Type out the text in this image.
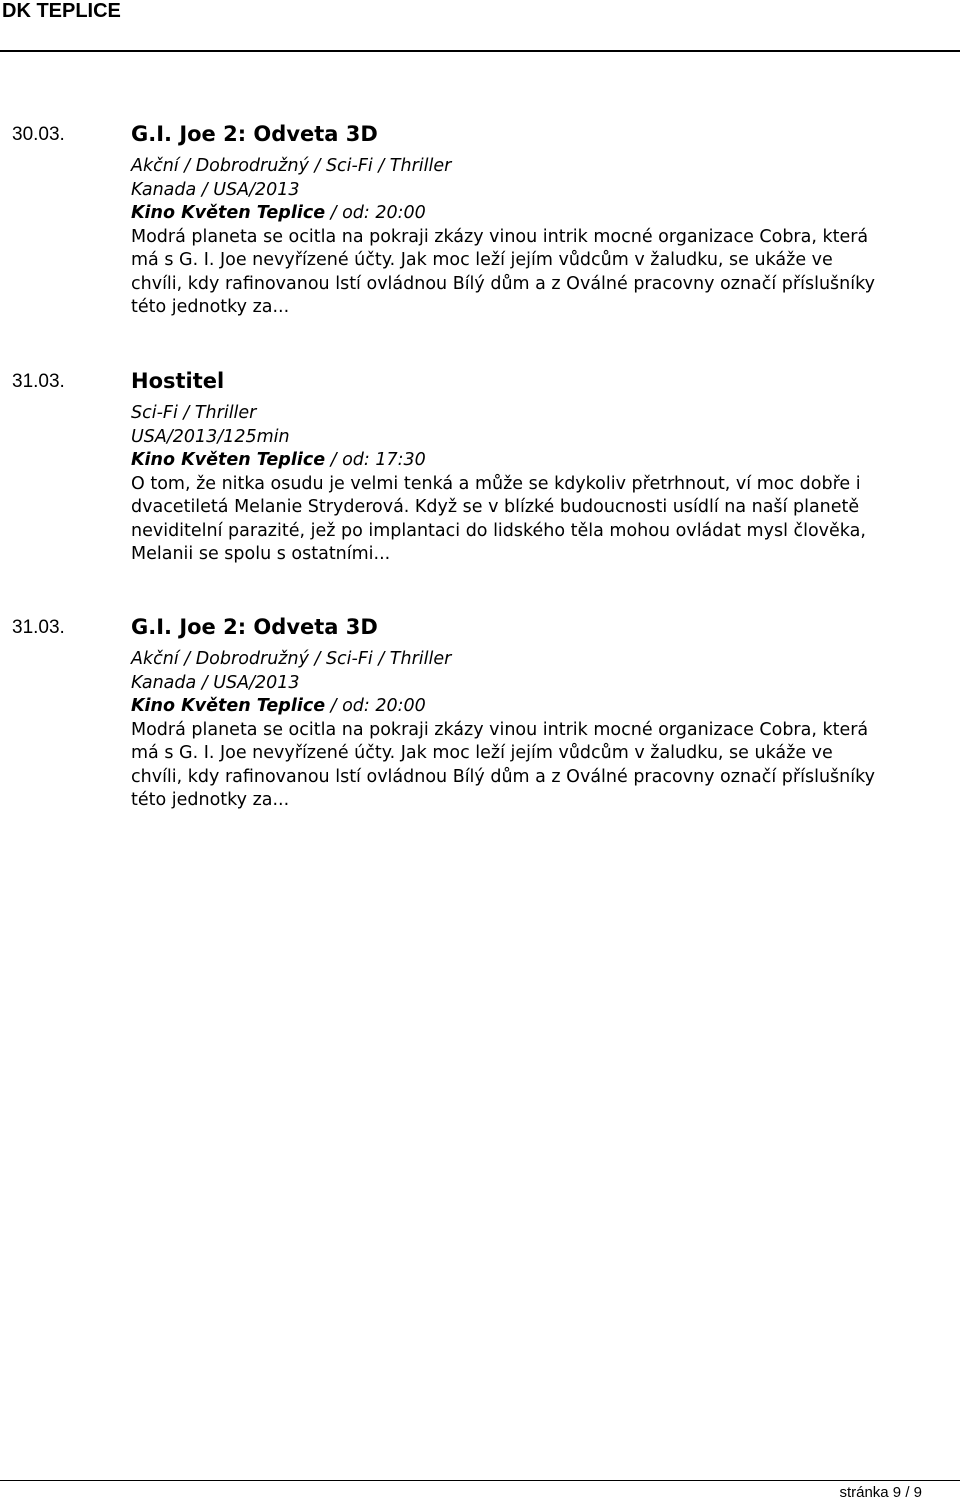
DK TEPLICE
30.03.	G.I. Joe 2: Odveta 3D
Akční / Dobrodružný / Sci-Fi / Thriller
Kanada / USA/2013
Kino Květen Teplice / od: 20:00
Modrá planeta se ocitla na pokraji zkázy vinou intrik mocné organizace Cobra, která má s G. I. Joe nevyřízené účty. Jak moc leží jejím vůdcům v žaludku, se ukáže ve chvíli, kdy rafinovanou lstí ovládnou Bílý dům a z Oválné pracovny označí příslušníky této jednotky za...
31.03.	Hostitel
Sci-Fi / Thriller
USA/2013/125min
Kino Květen Teplice / od: 17:30
O tom, že nitka osudu je velmi tenká a může se kdykoliv přetrhnout, ví moc dobře i dvacetiletá Melanie Stryderová. Když se v blízké budoucnosti usídlí na naší planetě neviditelní parazité, jež po implantaci do lidského těla mohou ovládat mysl člověka, Melanii se spolu s ostatními...
31.03.	G.I. Joe 2: Odveta 3D
Akční / Dobrodružný / Sci-Fi / Thriller
Kanada / USA/2013
Kino Květen Teplice / od: 20:00
Modrá planeta se ocitla na pokraji zkázy vinou intrik mocné organizace Cobra, která má s G. I. Joe nevyřízené účty. Jak moc leží jejím vůdcům v žaludku, se ukáže ve chvíli, kdy rafinovanou lstí ovládnou Bílý dům a z Oválné pracovny označí příslušníky této jednotky za...
stránka 9 / 9
